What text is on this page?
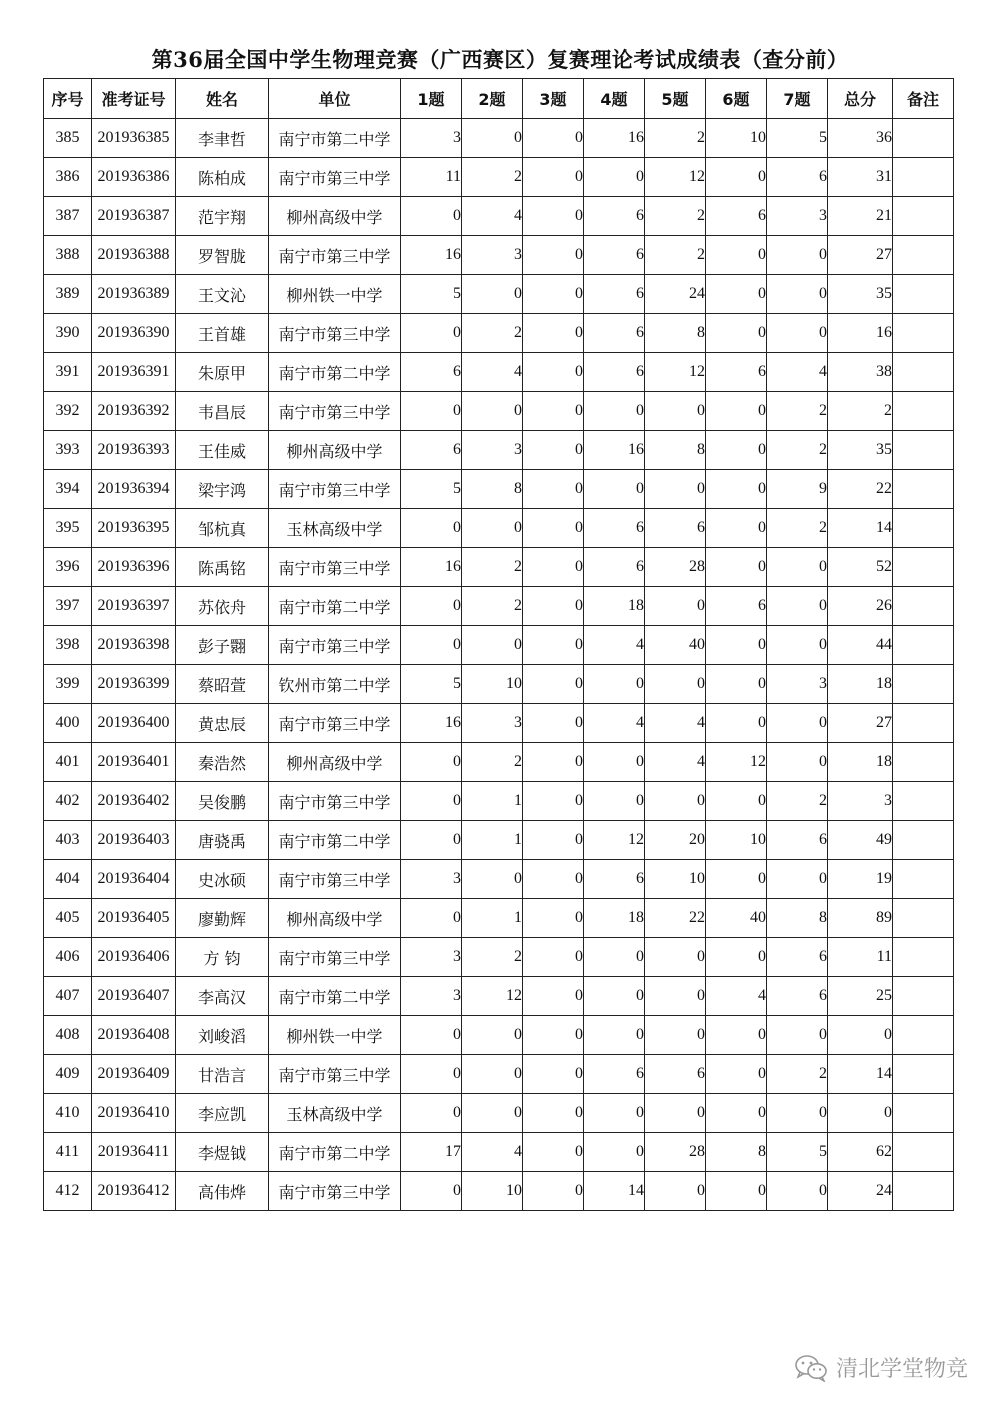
第36届全国中学生物理竞赛（广西赛区）复赛理论考试成绩表（查分前）
序号	准考证号	姓名	单位	1题	2题	3题	4题	5题	6题	7题	总分	备注
385	201936385	李聿哲	南宁市第二中学	3	0	0	16	2	10	5	36	
386	201936386	陈柏成	南宁市第三中学	11	2	0	0	12	0	6	31	
387	201936387	范宇翔	柳州高级中学	0	4	0	6	2	6	3	21	
388	201936388	罗智胧	南宁市第三中学	16	3	0	6	2	0	0	27	
389	201936389	王文沁	柳州铁一中学	5	0	0	6	24	0	0	35	
390	201936390	王首雄	南宁市第三中学	0	2	0	6	8	0	0	16	
391	201936391	朱原甲	南宁市第二中学	6	4	0	6	12	6	4	38	
392	201936392	韦昌辰	南宁市第三中学	0	0	0	0	0	0	2	2	
393	201936393	王佳威	柳州高级中学	6	3	0	16	8	0	2	35	
394	201936394	梁宇鸿	南宁市第三中学	5	8	0	0	0	0	9	22	
395	201936395	邹杭真	玉林高级中学	0	0	0	6	6	0	2	14	
396	201936396	陈禹铭	南宁市第三中学	16	2	0	6	28	0	0	52	
397	201936397	苏依舟	南宁市第二中学	0	2	0	18	0	6	0	26	
398	201936398	彭子翾	南宁市第三中学	0	0	0	4	40	0	0	44	
399	201936399	蔡昭萱	钦州市第二中学	5	10	0	0	0	0	3	18	
400	201936400	黄忠辰	南宁市第三中学	16	3	0	4	4	0	0	27	
401	201936401	秦浩然	柳州高级中学	0	2	0	0	4	12	0	18	
402	201936402	吴俊鹏	南宁市第三中学	0	1	0	0	0	0	2	3	
403	201936403	唐骁禹	南宁市第二中学	0	1	0	12	20	10	6	49	
404	201936404	史冰硕	南宁市第三中学	3	0	0	6	10	0	0	19	
405	201936405	廖勤辉	柳州高级中学	0	1	0	18	22	40	8	89	
406	201936406	方 钧	南宁市第三中学	3	2	0	0	0	0	6	11	
407	201936407	李高汉	南宁市第二中学	3	12	0	0	0	4	6	25	
408	201936408	刘峻滔	柳州铁一中学	0	0	0	0	0	0	0	0	
409	201936409	甘浩言	南宁市第三中学	0	0	0	6	6	0	2	14	
410	201936410	李应凯	玉林高级中学	0	0	0	0	0	0	0	0	
411	201936411	李煜钺	南宁市第二中学	17	4	0	0	28	8	5	62	
412	201936412	高伟烨	南宁市第三中学	0	10	0	14	0	0	0	24	
清北学堂物竞
